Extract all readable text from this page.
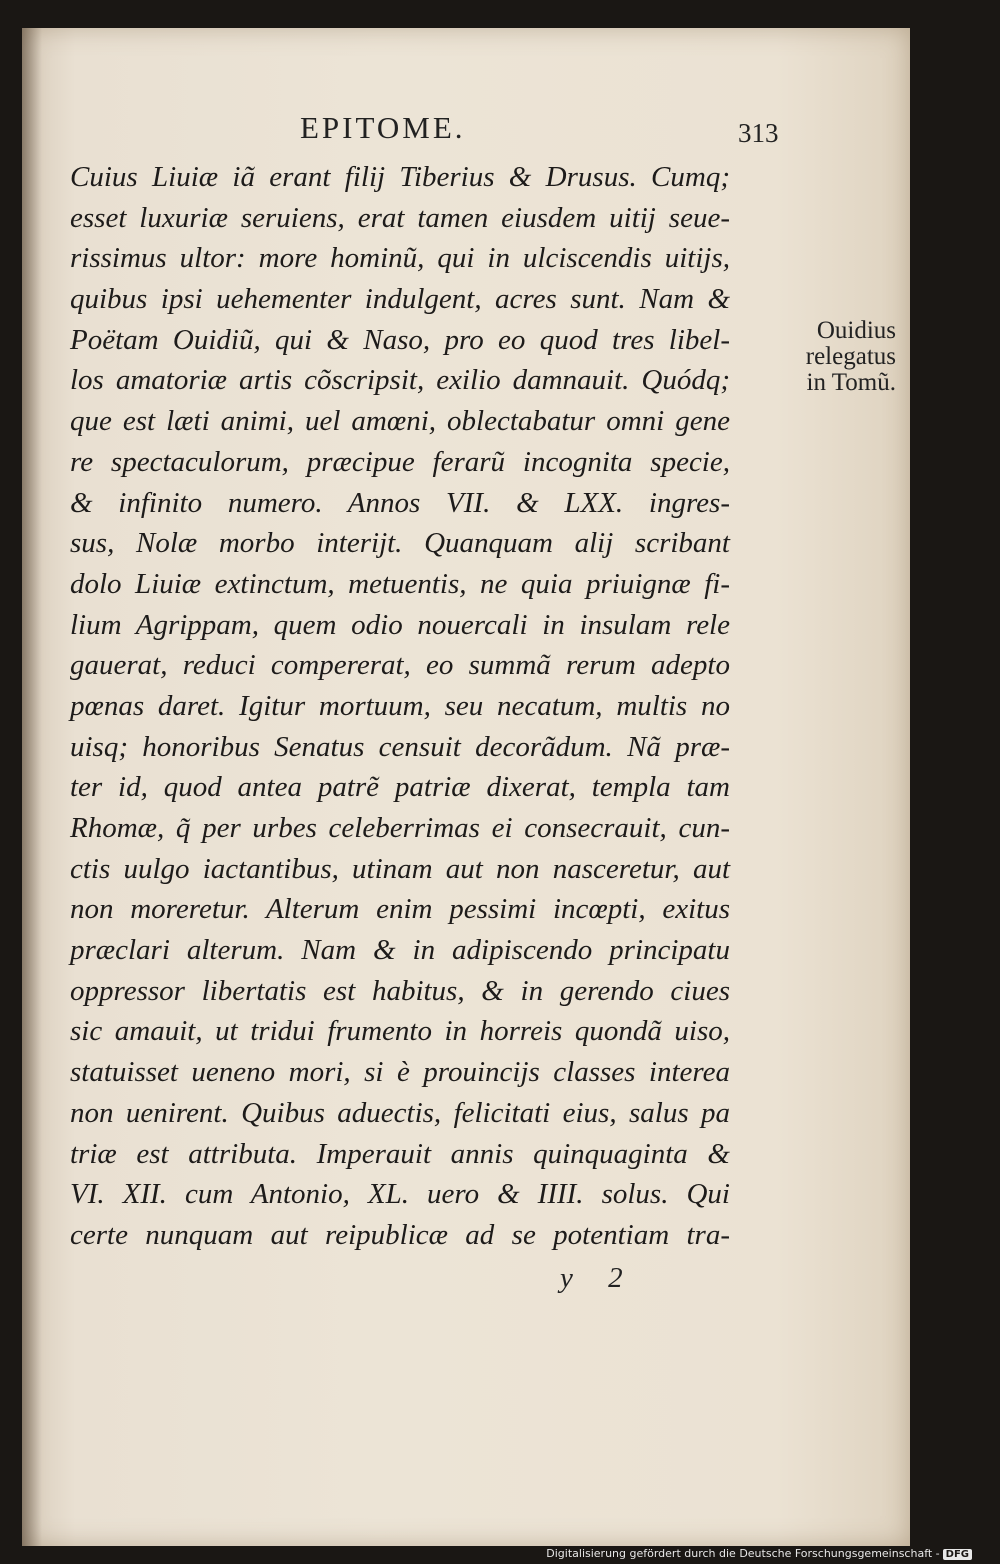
EPITOME.	313
Cuius Liuiæ iã erant filij Tiberius & Drusus. Cumq;
esset luxuriæ seruiens, erat tamen eiusdem uitij seue-
rissimus ultor: more hominũ, qui in ulciscendis uitijs,
quibus ipsi uehementer indulgent, acres sunt. Nam &
Poëtam Ouidiũ, qui & Naso, pro eo quod tres libel-
los amatoriæ artis cõscripsit, exilio damnauit. Quódq;
que est læti animi, uel amœni, oblectabatur omni gene
re spectaculorum, præcipue ferarũ incognita specie,
& infinito numero. Annos VII. & LXX. ingres-
sus, Nolæ morbo interijt. Quanquam alij scribant
dolo Liuiæ extinctum, metuentis, ne quia priuignæ fi-
lium Agrippam, quem odio nouercali in insulam rele
gauerat, reduci compererat, eo summã rerum adepto
pœnas daret. Igitur mortuum, seu necatum, multis no
uisq; honoribus Senatus censuit decorãdum. Nã præ-
ter id, quod antea patrẽ patriæ dixerat, templa tam
Rhomæ, q̃ per urbes celeberrimas ei consecrauit, cun-
ctis uulgo iactantibus, utinam aut non nasceretur, aut
non moreretur. Alterum enim pessimi incœpti, exitus
præclari alterum. Nam & in adipiscendo principatu
oppressor libertatis est habitus, & in gerendo ciues
sic amauit, ut tridui frumento in horreis quondã uiso,
statuisset ueneno mori, si è prouincijs classes interea
non uenirent. Quibus aduectis, felicitati eius, salus pa
triæ est attributa. Imperauit annis quinquaginta &
VI. XII. cum Antonio, XL. uero & IIII. solus. Qui
certe nunquam aut reipublicæ ad se potentiam tra-
Ouidius
relegatus
in Tomũ.
y 2
Digitalisierung gefördert durch die Deutsche Forschungsgemeinschaft - DFG
